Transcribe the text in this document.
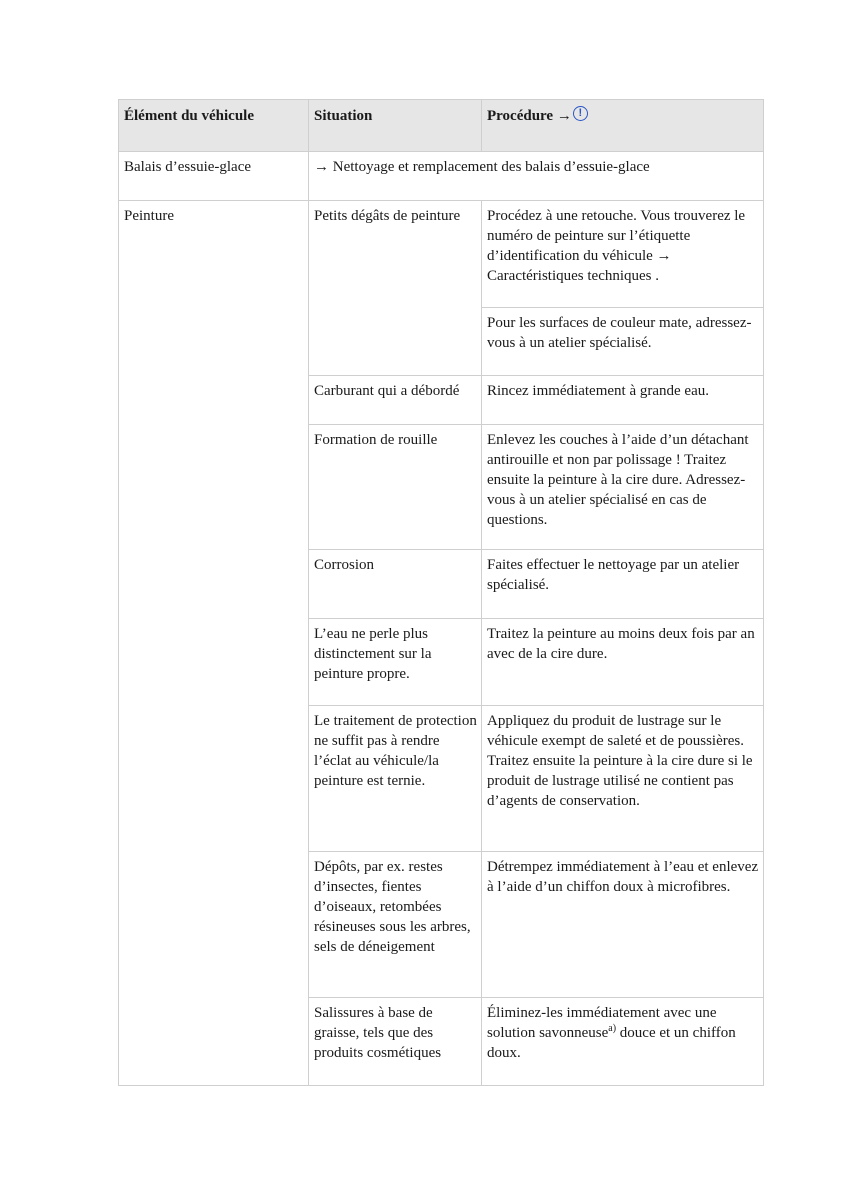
Élément du véhicule	Situation	Procédure → !
Balais d’essuie-glace	→ Nettoyage et remplacement des balais d’essuie-glace	
Peinture	Petits dégâts de peinture	Procédez à une retouche. Vous trouverez le numéro de peinture sur l’étiquette d’identification du véhicule → Caractéristiques techniques .
		Pour les surfaces de couleur mate, adressez-vous à un atelier spécialisé.
	Carburant qui a débordé	Rincez immédiatement à grande eau.
	Formation de rouille	Enlevez les couches à l’aide d’un détachant antirouille et non par polissage ! Traitez ensuite la peinture à la cire dure. Adressez-vous à un atelier spécialisé en cas de questions.
	Corrosion	Faites effectuer le nettoyage par un atelier spécialisé.
	L’eau ne perle plus distinctement sur la peinture propre.	Traitez la peinture au moins deux fois par an avec de la cire dure.
	Le traitement de protection ne suffit pas à rendre l’éclat au véhicule/la peinture est ternie.	Appliquez du produit de lustrage sur le véhicule exempt de saleté et de poussières. Traitez ensuite la peinture à la cire dure si le produit de lustrage utilisé ne contient pas d’agents de conservation.
	Dépôts, par ex. restes d’insectes, fientes d’oiseaux, retombées résineuses sous les arbres, sels de déneigement	Détrempez immédiatement à l’eau et enlevez à l’aide d’un chiffon doux à microfibres.
	Salissures à base de graisse, tels que des produits cosmétiques	Éliminez-les immédiatement avec une solution savonneuse$^{a)}$ douce et un chiffon doux.
